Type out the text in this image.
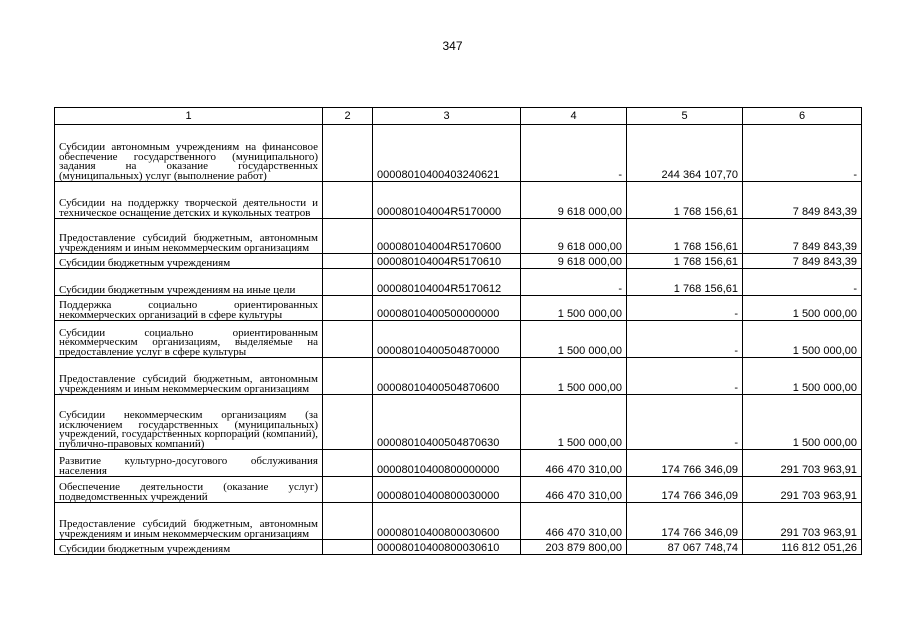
347
1	2	3	4	5	6
Субсидии автономным учреждениям на финансовое обеспечение государственного (муниципального) задания на оказание государственных (муниципальных) услуг (выполнение работ)		00008010400403240621	-	244 364 107,70	-
Субсидии на поддержку творческой деятельности и техническое оснащение детских и кукольных театров		000080104004R5170000	9 618 000,00	1 768 156,61	7 849 843,39
Предоставление субсидий бюджетным, автономным учреждениям и иным некоммерческим организациям		000080104004R5170600	9 618 000,00	1 768 156,61	7 849 843,39
Субсидии бюджетным учреждениям		000080104004R5170610	9 618 000,00	1 768 156,61	7 849 843,39
Субсидии бюджетным учреждениям на иные цели		000080104004R5170612	-	1 768 156,61	-
Поддержка социально ориентированных некоммерческих организаций в сфере культуры		00008010400500000000	1 500 000,00	-	1 500 000,00
Субсидии социально ориентированным некоммерческим организациям, выделяемые на предоставление услуг в сфере культуры		00008010400504870000	1 500 000,00	-	1 500 000,00
Предоставление субсидий бюджетным, автономным учреждениям и иным некоммерческим организациям		00008010400504870600	1 500 000,00	-	1 500 000,00
Субсидии некоммерческим организациям (за исключением государственных (муниципальных) учреждений, государственных корпораций (компаний), публично-правовых компаний)		00008010400504870630	1 500 000,00	-	1 500 000,00
Развитие культурно-досугового обслуживания населения		00008010400800000000	466 470 310,00	174 766 346,09	291 703 963,91
Обеспечение деятельности (оказание услуг) подведомственных учреждений		00008010400800030000	466 470 310,00	174 766 346,09	291 703 963,91
Предоставление субсидий бюджетным, автономным учреждениям и иным некоммерческим организациям		00008010400800030600	466 470 310,00	174 766 346,09	291 703 963,91
Субсидии бюджетным учреждениям		00008010400800030610	203 879 800,00	87 067 748,74	116 812 051,26
